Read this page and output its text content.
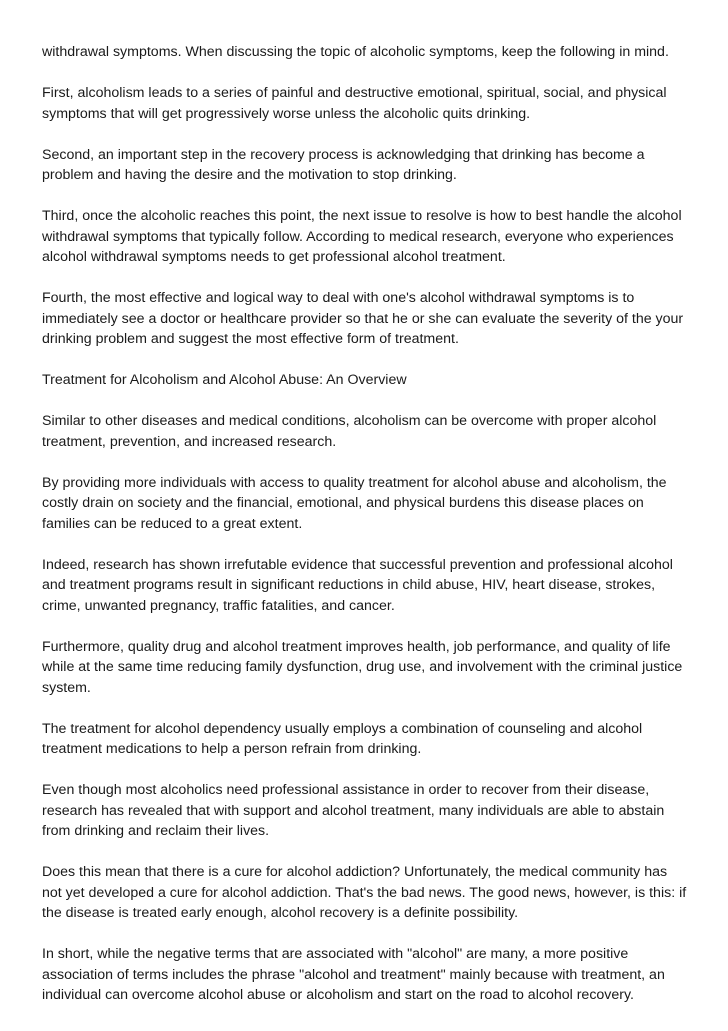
withdrawal symptoms. When discussing the topic of alcoholic symptoms, keep the following in mind.

First, alcoholism leads to a series of painful and destructive emotional, spiritual, social, and physical symptoms that will get progressively worse unless the alcoholic quits drinking.

Second, an important step in the recovery process is acknowledging that drinking has become a problem and having the desire and the motivation to stop drinking.

Third, once the alcoholic reaches this point, the next issue to resolve is how to best handle the alcohol withdrawal symptoms that typically follow. According to medical research, everyone who experiences alcohol withdrawal symptoms needs to get professional alcohol treatment.

Fourth, the most effective and logical way to deal with one's alcohol withdrawal symptoms is to immediately see a doctor or healthcare provider so that he or she can evaluate the severity of the your drinking problem and suggest the most effective form of treatment.

Treatment for Alcoholism and Alcohol Abuse: An Overview

Similar to other diseases and medical conditions, alcoholism can be overcome with proper alcohol treatment, prevention, and increased research.

By providing more individuals with access to quality treatment for alcohol abuse and alcoholism, the costly drain on society and the financial, emotional, and physical burdens this disease places on families can be reduced to a great extent.

Indeed, research has shown irrefutable evidence that successful prevention and professional alcohol and treatment programs result in significant reductions in child abuse, HIV, heart disease, strokes, crime, unwanted pregnancy, traffic fatalities, and cancer.

Furthermore, quality drug and alcohol treatment improves health, job performance, and quality of life while at the same time reducing family dysfunction, drug use, and involvement with the criminal justice system.

The treatment for alcohol dependency usually employs a combination of counseling and alcohol treatment medications to help a person refrain from drinking.

Even though most alcoholics need professional assistance in order to recover from their disease, research has revealed that with support and alcohol treatment, many individuals are able to abstain from drinking and reclaim their lives.

Does this mean that there is a cure for alcohol addiction? Unfortunately, the medical community has not yet developed a cure for alcohol addiction. That's the bad news. The good news, however, is this: if the disease is treated early enough, alcohol recovery is a definite possibility.

In short, while the negative terms that are associated with "alcohol" are many, a more positive association of terms includes the phrase "alcohol and treatment" mainly because with treatment, an individual can overcome alcohol abuse or alcoholism and start on the road to alcohol recovery.
